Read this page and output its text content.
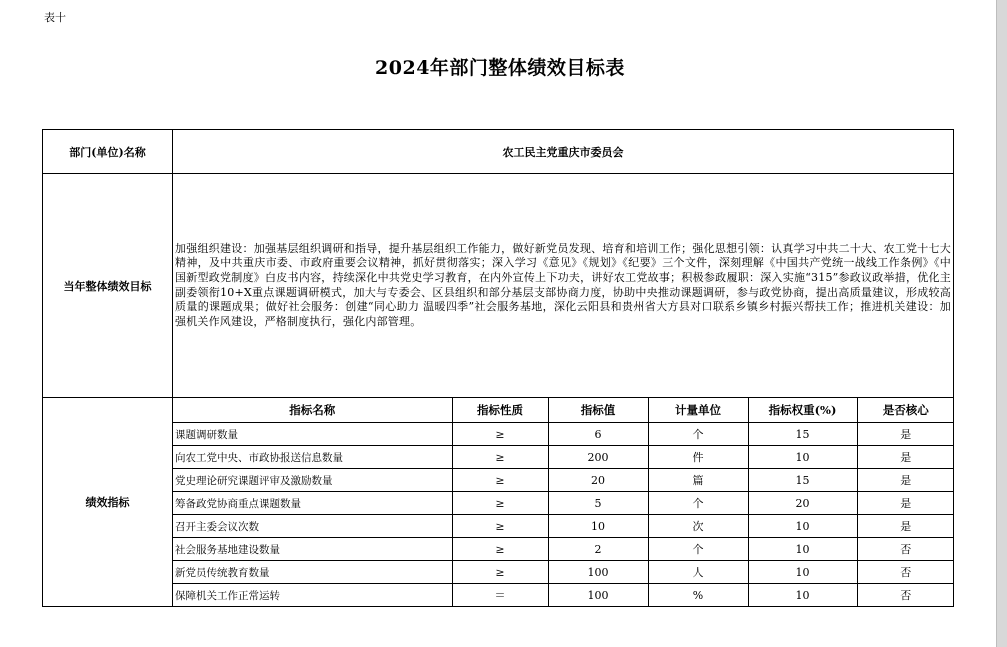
表十
2024年部门整体绩效目标表
部门(单位)名称	农工民主党重庆市委员会
当年整体绩效目标	加强组织建设：加强基层组织调研和指导，提升基层组织工作能力，做好新党员发现、培育和培训工作；强化思想引领：认真学习中共二十大、农工党十七大精神，及中共重庆市委、市政府重要会议精神，抓好贯彻落实；深入学习《意见》《规划》《纪要》三个文件，深刻理解《中国共产党统一战线工作条例》《中国新型政党制度》白皮书内容，持续深化中共党史学习教育，在内外宣传上下功夫，讲好农工党故事；积极参政履职：深入实施“315”参政议政举措，优化主副委领衔10+X重点课题调研模式，加大与专委会、区县组织和部分基层支部协商力度，协助中央推动课题调研，参与政党协商，提出高质量建议，形成较高质量的课题成果；做好社会服务：创建“同心助力 温暖四季”社会服务基地，深化云阳县和贵州省大方县对口联系乡镇乡村振兴帮扶工作；推进机关建设：加强机关作风建设，严格制度执行，强化内部管理。
绩效指标	
指标名称	指标性质	指标值	计量单位	指标权重(%)	是否核心
课题调研数量	≥	6	个	15	是
向农工党中央、市政协报送信息数量	≥	200	件	10	是
党史理论研究课题评审及激励数量	≥	20	篇	15	是
筹备政党协商重点课题数量	≥	5	个	20	是
召开主委会议次数	≥	10	次	10	是
社会服务基地建设数量	≥	2	个	10	否
新党员传统教育数量	≥	100	人	10	否
保障机关工作正常运转	＝	100	%	10	否
